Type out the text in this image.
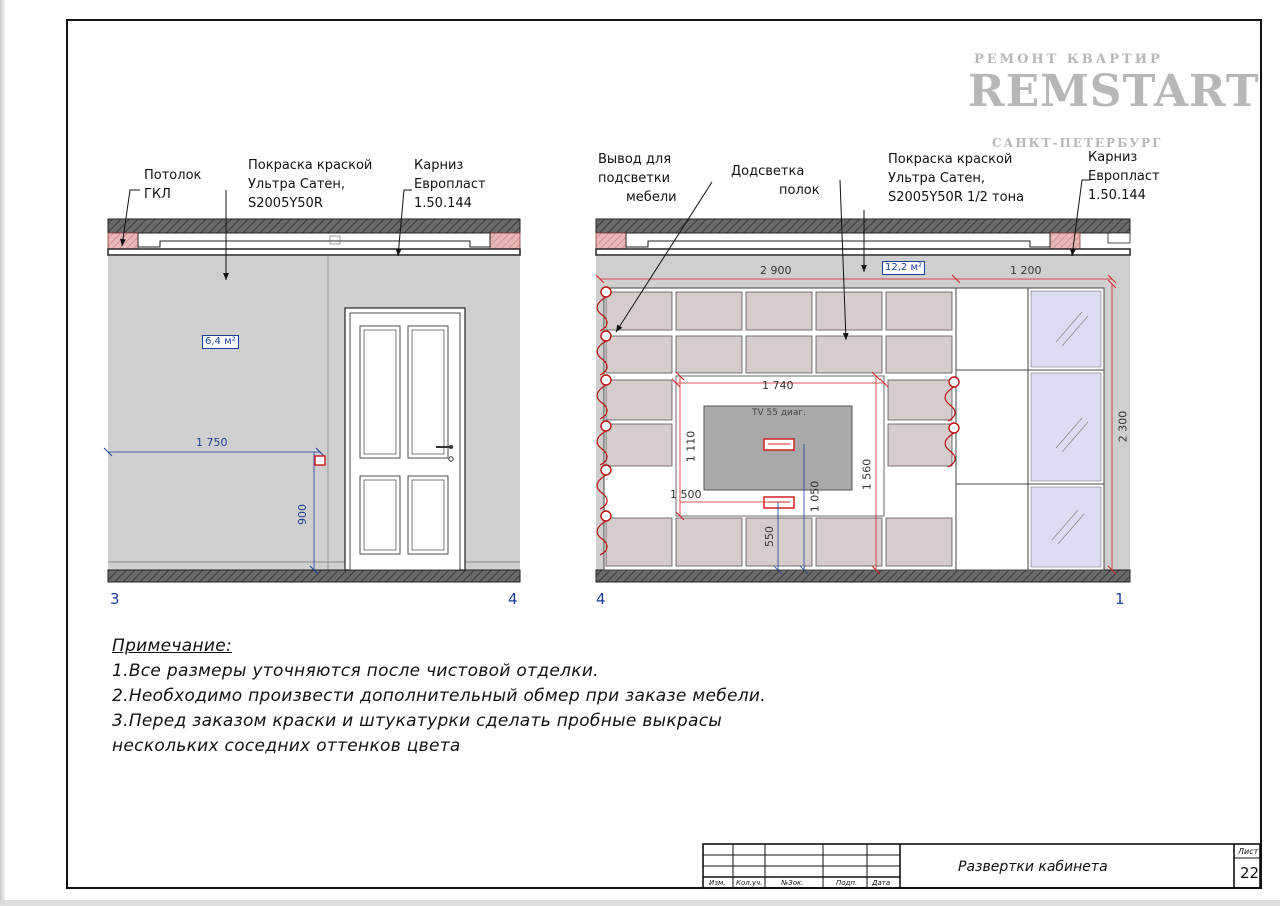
РЕМОНТ КВАРТИР
REMSTART
САНКТ-ПЕТЕРБУРГ
Потолок
ГКЛ
Покраска краской
Ультра Сатен,
S2005Y50R
Карниз
Европласт
1.50.144
6,4 м²
1 750
900
3	4
Вывод для
подсветки
мебели
Додсветка
полок
Покраска краской
Ультра Сатен,
S2005Y50R 1/2 тона
Карниз
Европласт
1.50.144
12,2 м²
2 900	1 200
1 740
1 500
2 300
1 560
1 110
1 050
550
TV 55 диаг.
4	1
Примечание:
1.Все размеры уточняются после чистовой отделки.
2.Необходимо произвести дополнительный обмер при заказе мебели.
3.Перед заказом краски и штукатурки сделать пробные выкрасы
нескольких соседних оттенков цвета
Изм. Кол.уч.	№Зок.	Подп. Дата
Развертки кабинета
Лист
22
